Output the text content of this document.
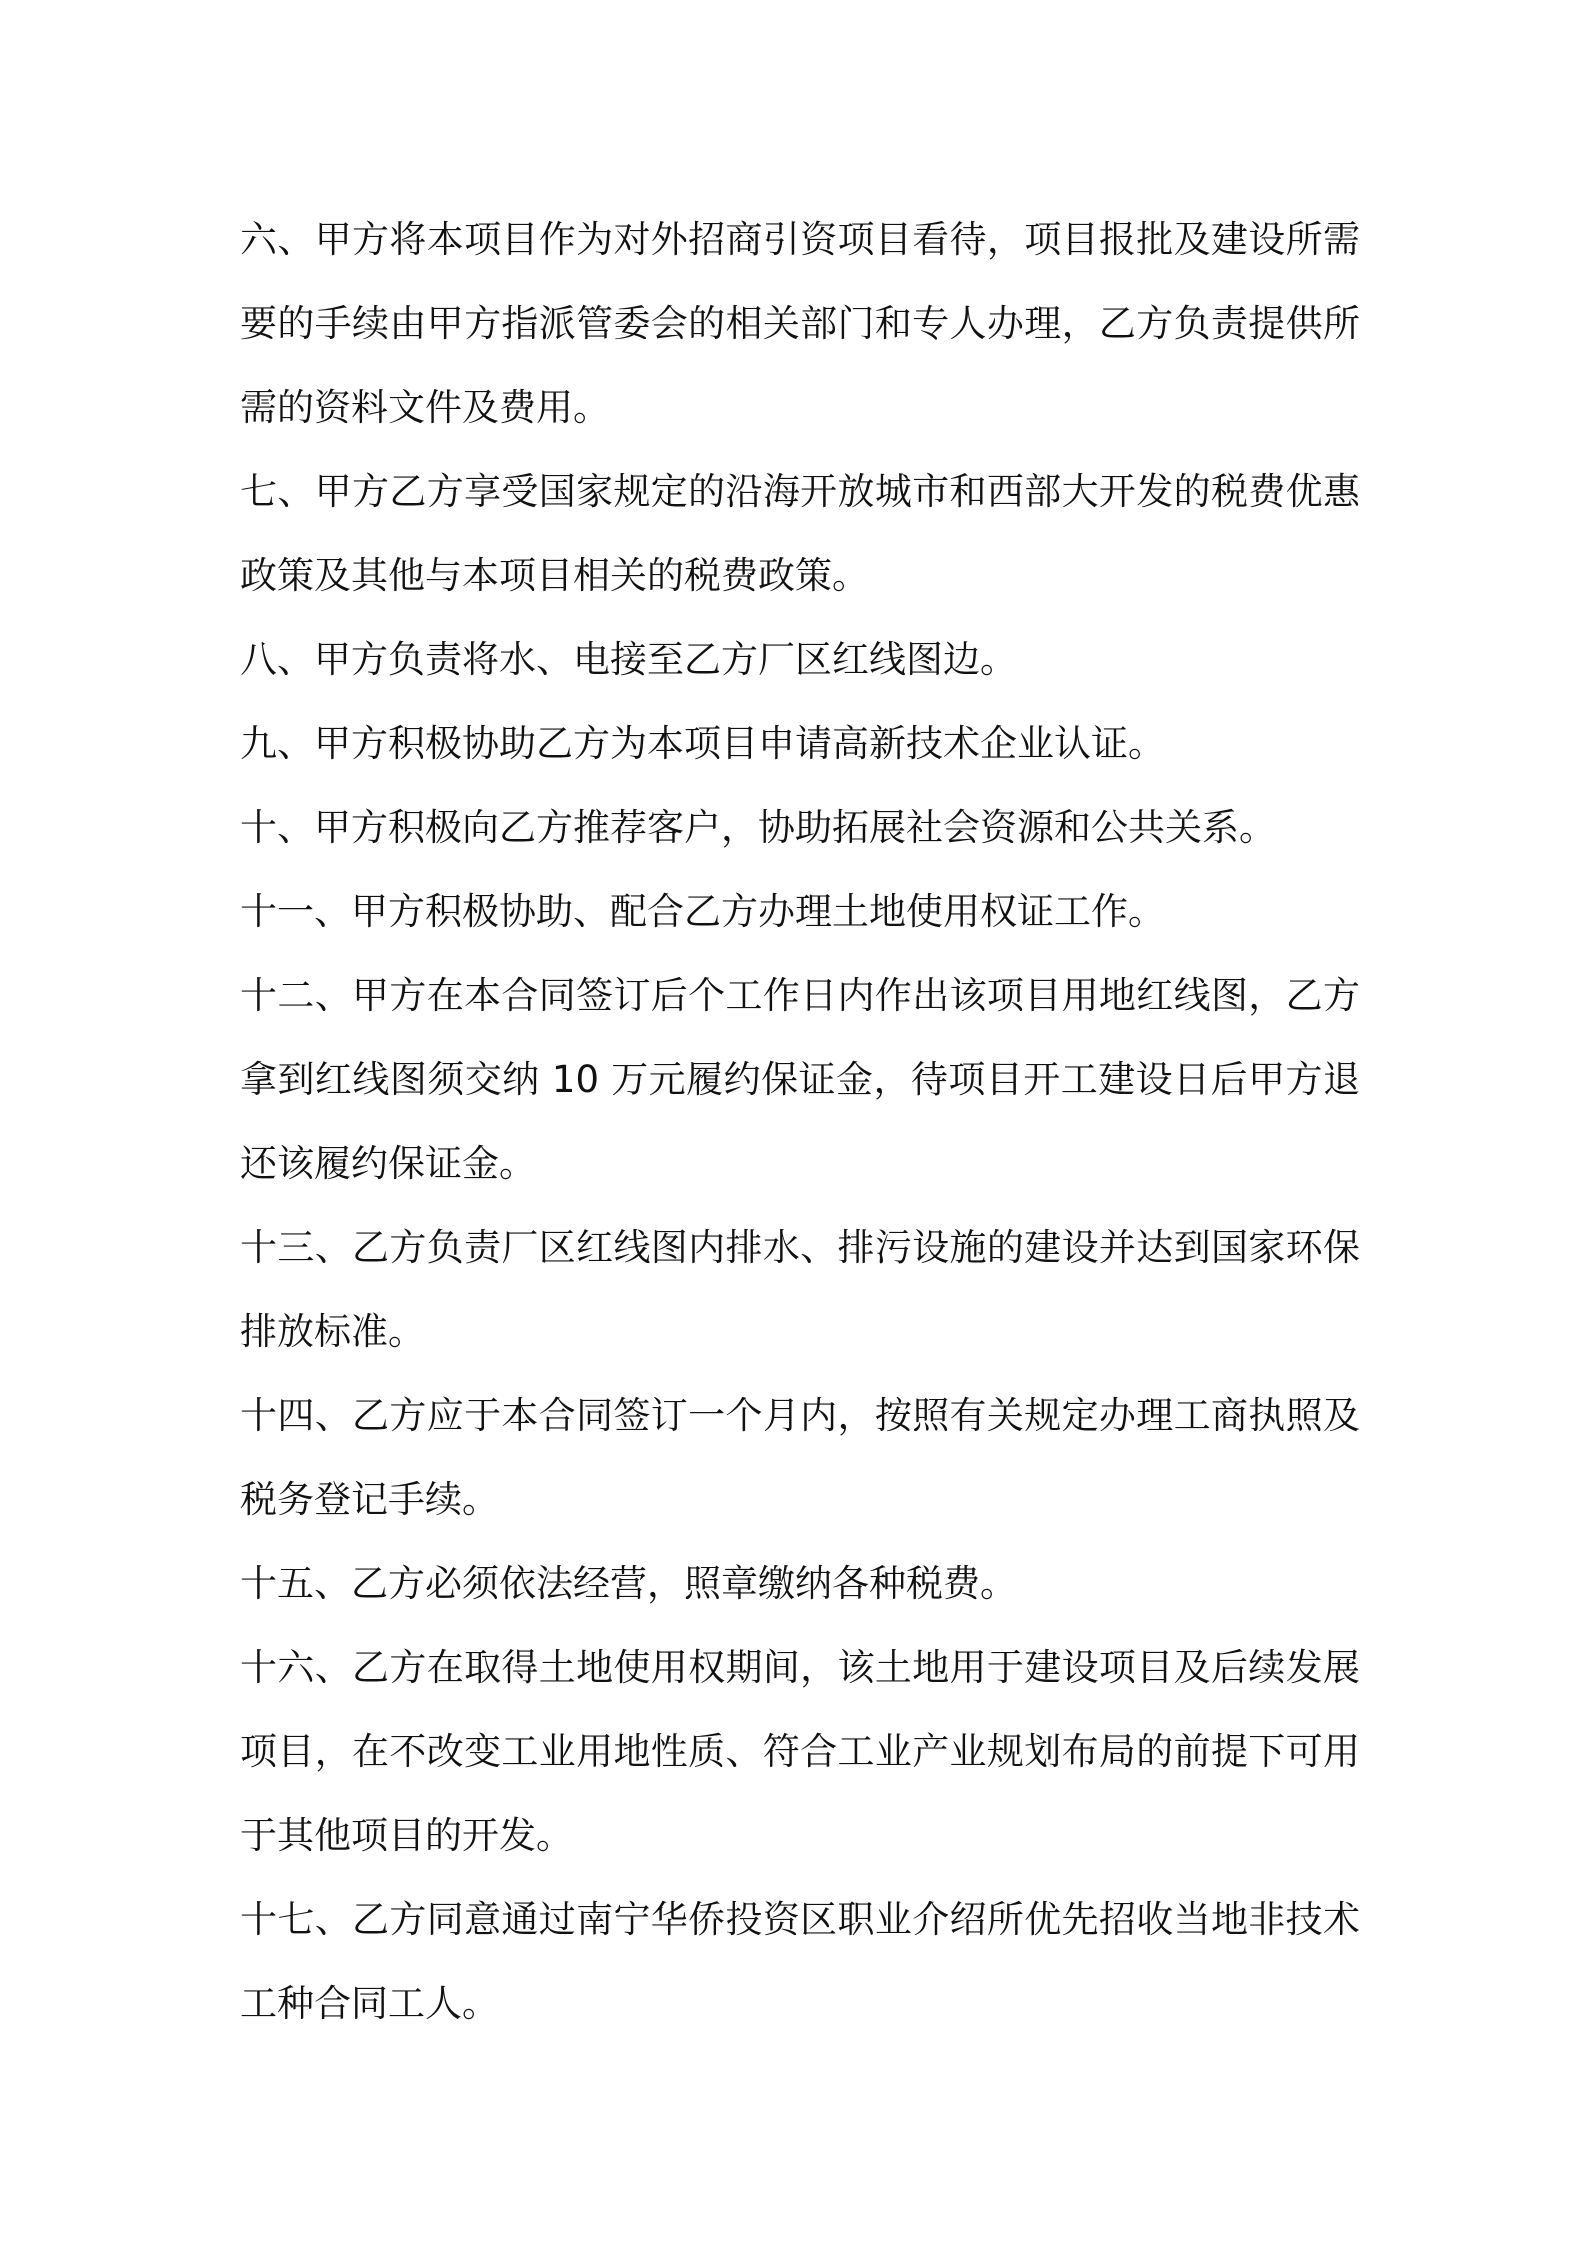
六、甲方将本项目作为对外招商引资项目看待，项目报批及建设所需要的手续由甲方指派管委会的相关部门和专人办理，乙方负责提供所需的资料文件及费用。

七、甲方乙方享受国家规定的沿海开放城市和西部大开发的税费优惠政策及其他与本项目相关的税费政策。

八、甲方负责将水、电接至乙方厂区红线图边。

九、甲方积极协助乙方为本项目申请高新技术企业认证。

十、甲方积极向乙方推荐客户，协助拓展社会资源和公共关系。

十一、甲方积极协助、配合乙方办理土地使用权证工作。

十二、甲方在本合同签订后个工作日内作出该项目用地红线图，乙方拿到红线图须交纳 10 万元履约保证金，待项目开工建设日后甲方退还该履约保证金。

十三、乙方负责厂区红线图内排水、排污设施的建设并达到国家环保排放标准。

十四、乙方应于本合同签订一个月内，按照有关规定办理工商执照及税务登记手续。

十五、乙方必须依法经营，照章缴纳各种税费。

十六、乙方在取得土地使用权期间，该土地用于建设项目及后续发展项目，在不改变工业用地性质、符合工业产业规划布局的前提下可用于其他项目的开发。

十七、乙方同意通过南宁华侨投资区职业介绍所优先招收当地非技术工种合同工人。
